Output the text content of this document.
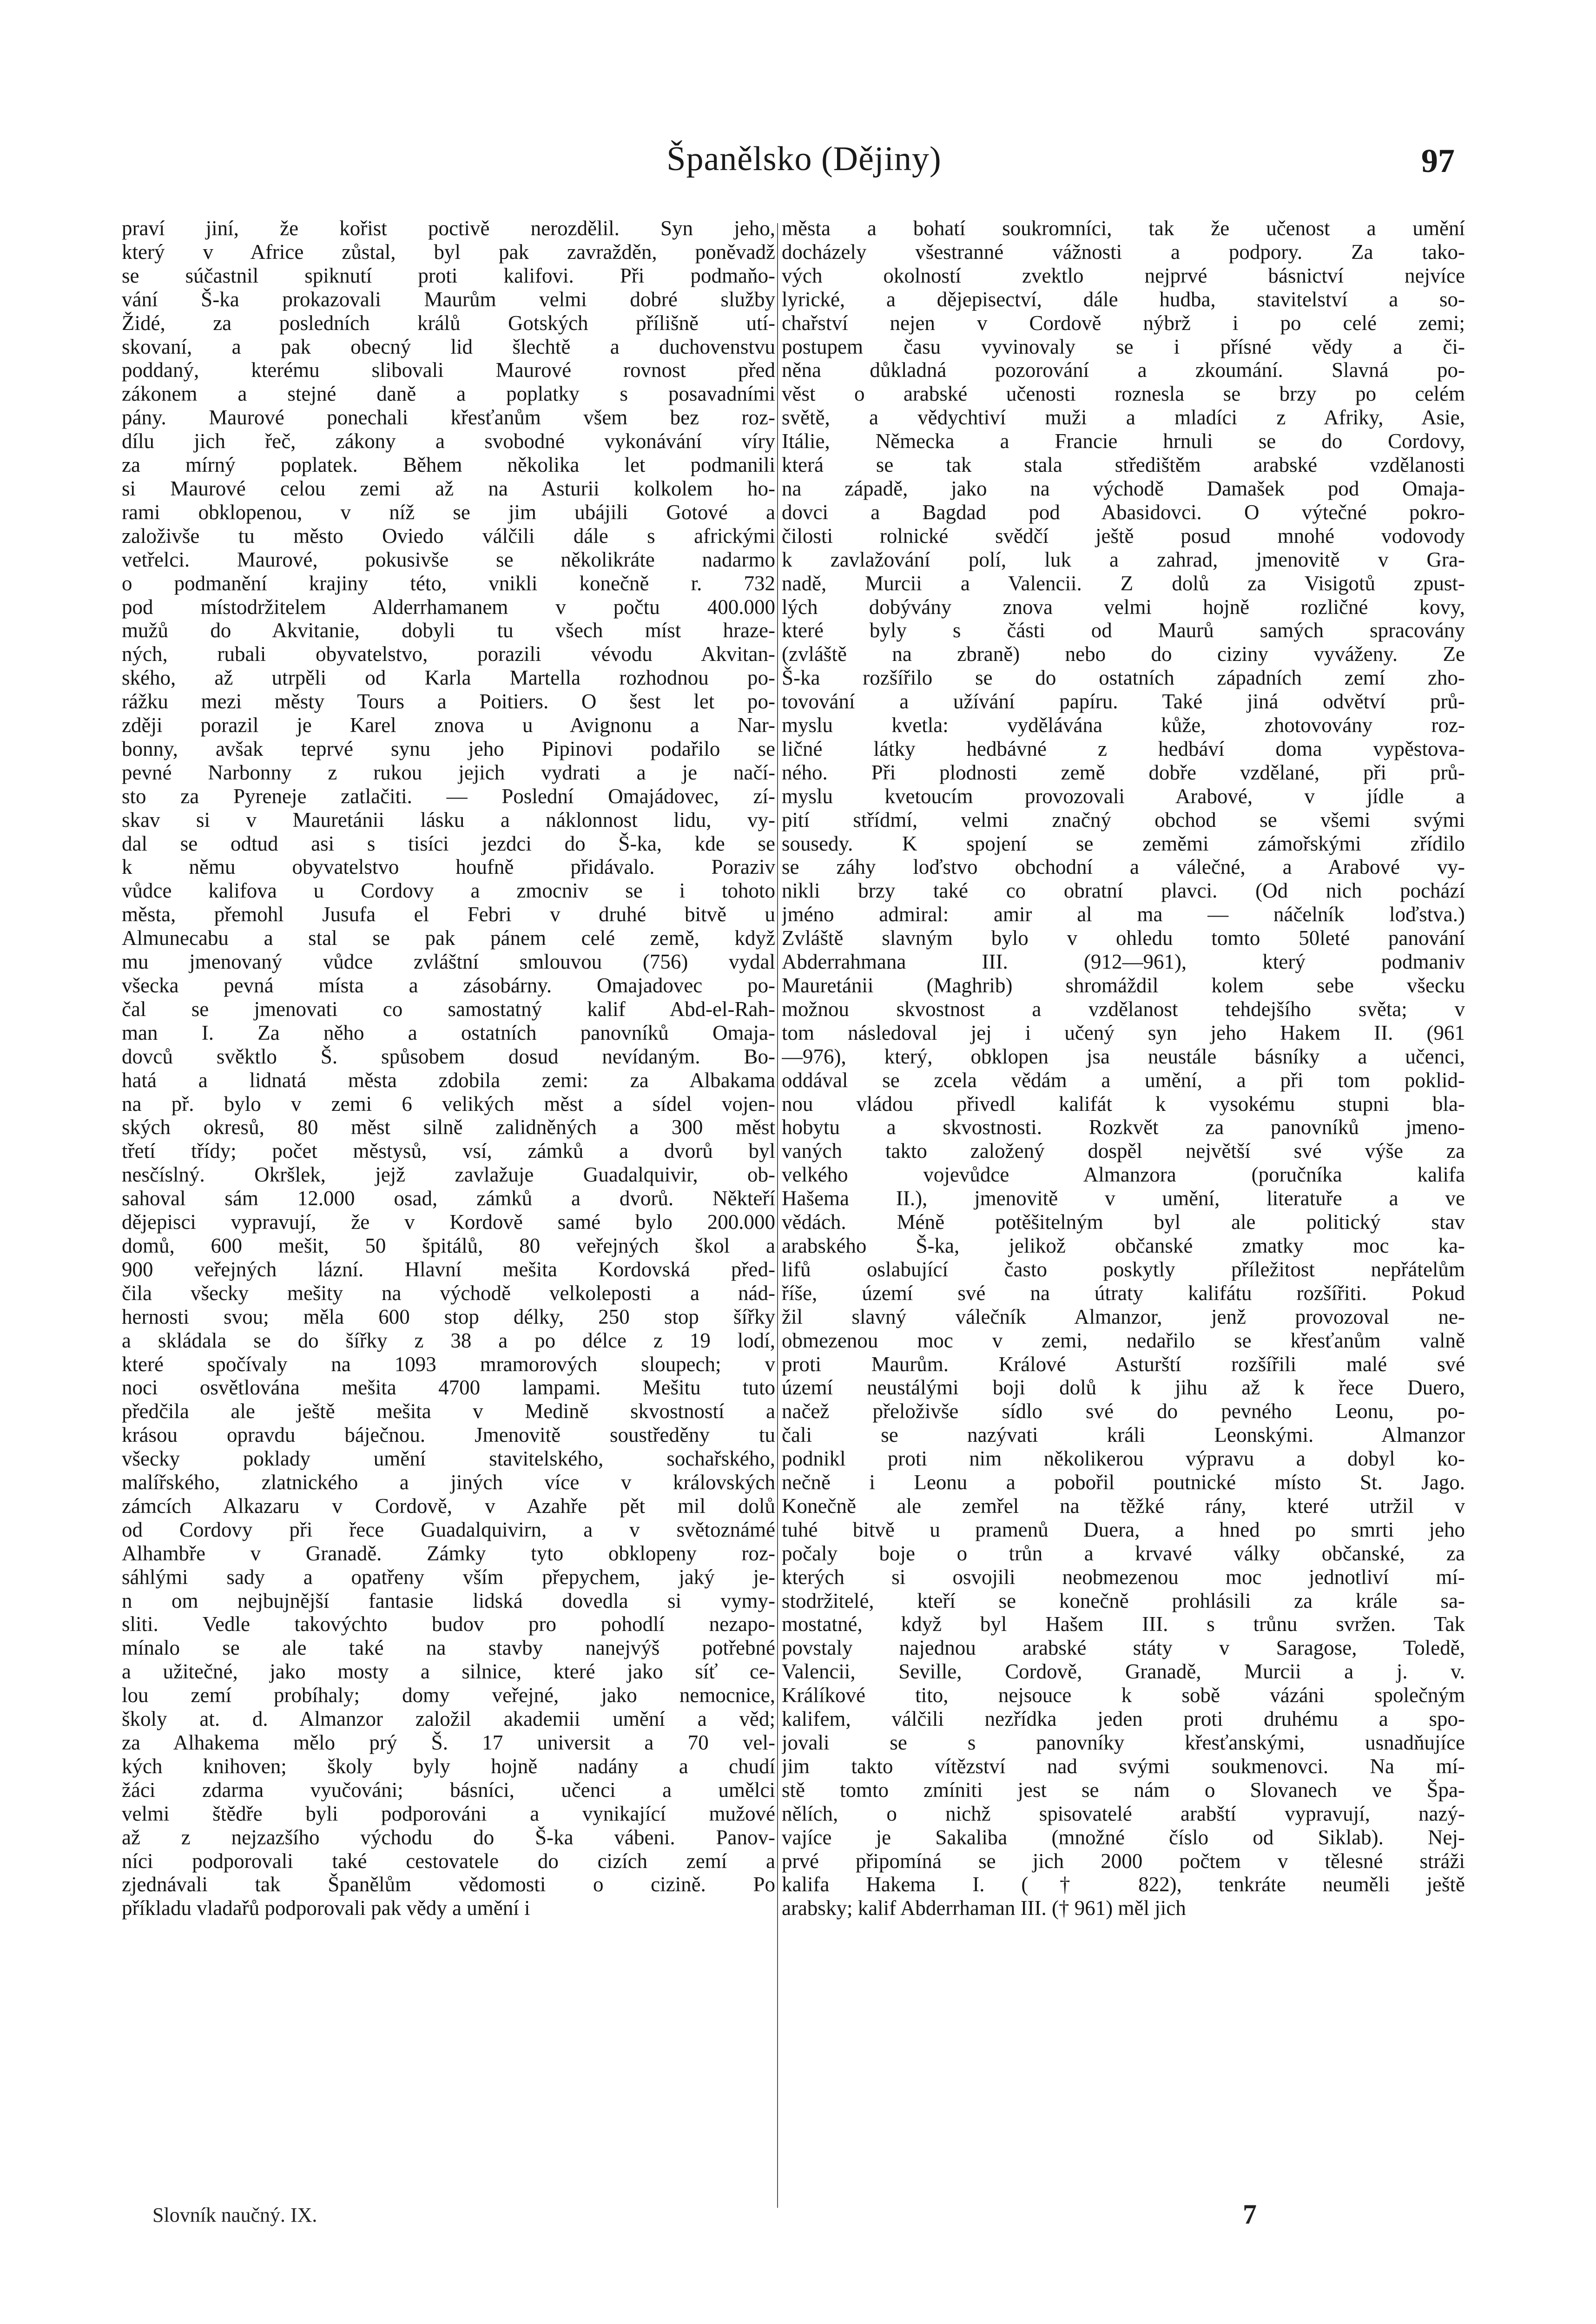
Španělsko (Dějiny)	97
praví jiní, že kořist poctivě nerozdělil. Syn jeho,
který v Africe zůstal, byl pak zavražděn, poněvadž
se súčastnil spiknutí proti kalifovi. Při podmaňo-
vání Š-ka prokazovali Maurům velmi dobré služby
Židé, za posledních králů Gotských přílišně utí-
skovaní, a pak obecný lid šlechtě a duchovenstvu
poddaný, kterému slibovali Maurové rovnost před
zákonem a stejné daně a poplatky s posavadními
pány. Maurové ponechali křesťanům všem bez roz-
dílu jich řeč, zákony a svobodné vykonávání víry
za mírný poplatek. Během několika let podmanili
si Maurové celou zemi až na Asturii kolkolem ho-
rami obklopenou, v níž se jim ubájili Gotové a
založivše tu město Oviedo válčili dále s africkými
vetřelci. Maurové, pokusivše se několikráte nadarmo
o podmanění krajiny této, vnikli konečně r. 732
pod místodržitelem Alderrhamanem v počtu 400.000
mužů do Akvitanie, dobyli tu všech míst hrazе-
ných, rubali obyvatelstvo, porazili vévodu Akvitan-
ského, až utrpěli od Karla Martella rozhodnou po-
rážku mezi městy Tours a Poitiers. O šest let po-
zději porazil je Karel znova u Avignonu a Nar-
bonny, avšak teprvé synu jeho Pipinovi podařilo se
pevné Narbonny z rukou jejich vydrati a je načí-
sto za Pyreneje zatlačiti. — Poslední Omajádovec, zí-
skav si v Mauretánii lásku a náklonnost lidu, vy-
dal se odtud asi s tisíci jezdci do Š-ka, kde se
k němu obyvatelstvo houfně přidávalo. Poraziv
vůdce kalifova u Cordovy a zmocniv se i tohoto
města, přemohl Jusufa el Febri v druhé bitvě u
Almunecabu a stal se pak pánem celé země, když
mu jmenovaný vůdce zvláštní smlouvou (756) vydal
všecka pevná místa a zásobárny. Omajadovec po-
čal se jmenovati co samostatný kalif Abd-el-Rah-
man I. Za něho a ostatních panovníků Omaja-
dovců svěktlo Š. spůsobem dosud nevídaným. Bo-
hatá a lidnatá města zdobila zemi: za Albakama
na př. bylo v zemi 6 velikých měst a sídel vojen-
ských okresů, 80 měst silně zalidněných a 300 měst
třetí třídy; počet městysů, vsí, zámků a dvorů byl
nesčíslný. Okršlek, jejž zavlažuje Guadalquivir, ob-
sahoval sám 12.000 osad, zámků a dvorů. Někteří
dějepisci vypravují, že v Kordově samé bylo 200.000
domů, 600 mešit, 50 špitálů, 80 veřejných škol a
900 veřejných lázní. Hlavní mešita Kordovská před-
čila všecky mešity na východě velkoleposti a nád-
hernosti svou; měla 600 stop délky, 250 stop šířky
a skládala se do šířky z 38 a po délce z 19 lodí,
které spočívaly na 1093 mramorových sloupech; v
noci osvětlována mešita 4700 lampami. Mešitu tuto
předčila ale ještě mešita v Medině skvostností a
krásou opravdu báječnou. Jmenovitě soustředěny tu
všecky poklady umění stavitelského, sochařského,
malířského, zlatnického a jiných více v královských
zámcích Alkazaru v Cordově, v Azahře pět mil dolů
od Cordovy při řece Guadalquivirn, a v světoznámé
Alhambře v Granadě. Zámky tyto obklopeny roz-
sáhlými sady a opatřeny vším přepychem, jaký je-
n om nejbujnější fantasie lidská dovedla si vymy-
sliti. Vedle takovýchto budov pro pohodlí nezapo-
mínalo se ale také na stavby nanejvýš potřebné
a užitečné, jako mosty a silnice, které jako síť ce-
lou zemí probíhaly; domy veřejné, jako nemocnice,
školy at. d. Almanzor založil akademii umění a věd;
za Alhakema mělo prý Š. 17 universit a 70 vel-
kých knihoven; školy byly hojně nadány a chudí
žáci zdarma vyučováni; básníci, učenci a umělci
velmi štědře byli podporováni a vynikající mužové
až z nejzazšího východu do Š-ka vábeni. Panov-
níci podporovali také cestovatele do cizích zemí a
zjednávali tak Španělům vědomosti o cizině. Po
příkladu vladařů podporovali pak vědy a umění i
města a bohatí soukromníci, tak že učenost a umění
docházely všestranné vážnosti a podpory. Za tako-
vých okolností zvektlo nejprvé básnictví nejvíce
lyrické, a dějepisectví, dále hudba, stavitelství a so-
chařství nejen v Cordově nýbrž i po celé zemi;
postupem času vyvinovaly se i přísné vědy a či-
něna důkladná pozorování a zkoumání. Slavná po-
věst o arabské učenosti roznesla se brzy po celém
světě, a vědychtiví muži a mladíci z Afriky, Asie,
Itálie, Německa a Francie hrnuli se do Cordovy,
která se tak stala středištěm arabské vzdělanosti
na západě, jako na východě Damašek pod Omaja-
dovci a Bagdad pod Abasidovci. O výtečné pokro-
čilosti rolnické svědčí ještě posud mnohé vodovody
k zavlažování polí, luk a zahrad, jmenovitě v Gra-
nadě, Murcii a Valencii. Z dolů za Visigotů zpust-
lých dobývány znova velmi hojně rozličné kovy,
které byly s části od Maurů samých spracovány
(zvláště na zbraně) nebo do ciziny vyváženy. Ze
Š-ka rozšířilo se do ostatních západních zemí zho-
tovování a užívání papíru. Také jiná odvětví prů-
myslu kvetla: vydělávána kůže, zhotovovány roz-
ličné látky hedbávné z hedbáví doma vypěstova-
ného. Při plodnosti země dobře vzdělané, při prů-
myslu kvetoucím provozovali Arabové, v jídle a
pití střídmí, velmi značný obchod se všemi svými
sousedy. K spojení se zeměmi zámořskými zřídilo
se záhy loďstvo obchodní a válečné, a Arabové vy-
nikli brzy také co obratní plavci. (Od nich pochází
jméno admiral: amir al ma — náčelník loďstva.)
Zvláště slavným bylo v ohledu tomto 50leté panování
Abderrahmana III. (912—961), který podmaniv
Mauretánii (Maghrib) shromáždil kolem sebe všecku
možnou skvostnost a vzdělanost tehdejšího světa; v
tom následoval jej i učený syn jeho Hakem II. (961
—976), který, obklopen jsa neustále básníky a učenci,
oddával se zcela vědám a umění, a při tom poklid-
nou vládou přivedl kalifát k vysokému stupni bla-
hobytu a skvostnosti. Rozkvět za panovníků jmeno-
vaných takto založený dospěl největší své výše za
velkého vojevůdce Almanzora (poručníka kalifa
Hašema II.), jmenovitě v umění, literatuře a ve
vědách. Méně potěšitelným byl ale politický stav
arabského Š-ka, jelikož občanské zmatky moc ka-
lifů oslabující často poskytly příležitost nepřátelům
říše, území své na útraty kalifátu rozšířiti. Pokud
žil slavný válečník Almanzor, jenž provozoval ne-
obmezenou moc v zemi, nedařilo se křesťanům valně
proti Maurům. Králové Asturští rozšířili malé své
území neustálými boji dolů k jihu až k řece Duero,
načež přeloživše sídlo své do pevného Leonu, po-
čali se nazývati králi Leonskými. Almanzor
podnikl proti nim několikerou výpravu a dobyl ko-
nečně i Leonu a pobořil poutnické místo St. Jago.
Konečně ale zemřel na těžké rány, které utržil v
tuhé bitvě u pramenů Duera, a hned po smrti jeho
počaly boje o trůn a krvavé války občanské, za
kterých si osvojili neobmezenou moc jednotliví mí-
stodržitelé, kteří se konečně prohlásili za krále sa-
mostatné, když byl Hašem III. s trůnu svržen. Tak
povstaly najednou arabské státy v Saragose, Toledě,
Valencii, Seville, Cordově, Granadě, Murcii a j. v.
Králíkové tito, nejsouce k sobě vázáni společným
kalifem, válčili nezřídka jeden proti druhému a spo-
jovali se s panovníky křesťanskými, usnadňujíce
jim takto vítězství nad svými soukmenovci. Na mí-
stě tomto zmíniti jest se nám o Slovanech ve Špa-
nělích, o nichž spisovatelé arabští vypravují, nazý-
vajíce je Sakaliba (množné číslo od Siklab). Nej-
prvé připomíná se jich 2000 počtem v tělesné stráži
kalifa Hakema I. († 822), tenkráte neuměli ještě
arabsky; kalif Abderrhaman III. († 961) měl jich
Slovník naučný. IX.	7
